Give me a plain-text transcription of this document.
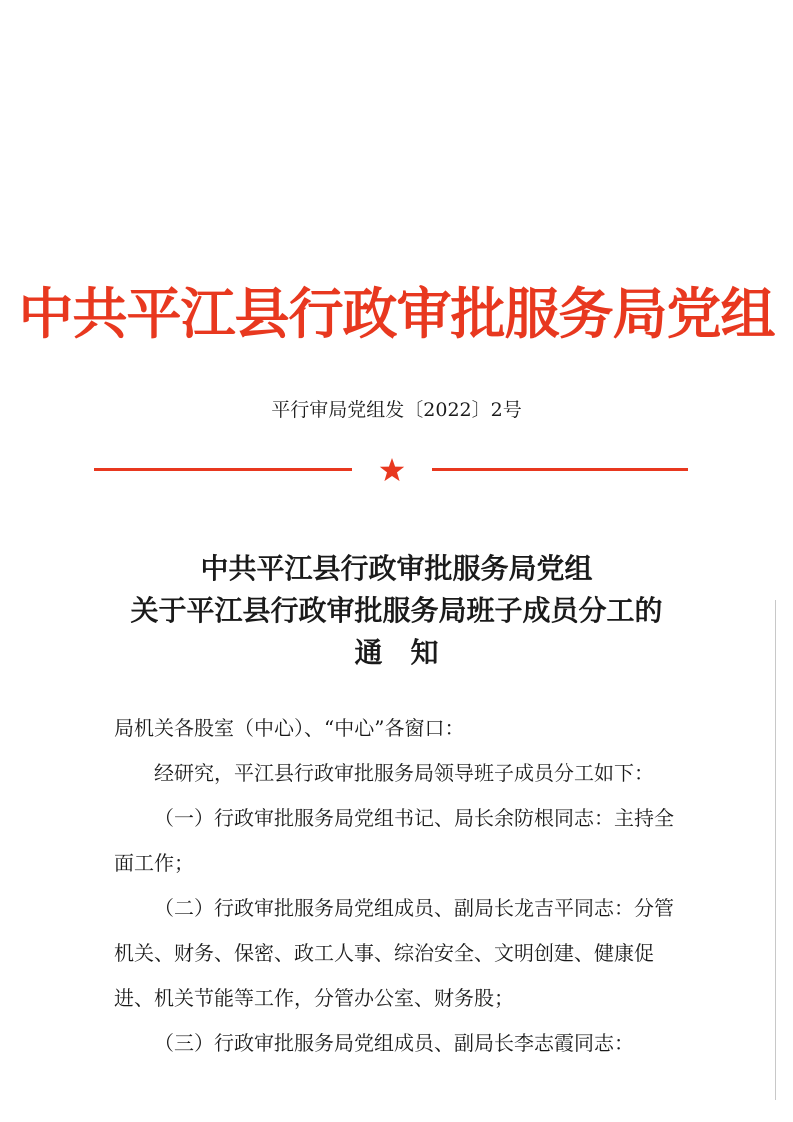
中共平江县行政审批服务局党组
平行审局党组发〔2022〕2号
中共平江县行政审批服务局党组
关于平江县行政审批服务局班子成员分工的
通　知

局机关各股室（中心）、“中心”各窗口：

经研究，平江县行政审批服务局领导班子成员分工如下：

（一）行政审批服务局党组书记、局长余防根同志：主持全面工作；

（二）行政审批服务局党组成员、副局长龙吉平同志：分管机关、财务、保密、政工人事、综治安全、文明创建、健康促进、机关节能等工作，分管办公室、财务股；

（三）行政审批服务局党组成员、副局长李志霞同志：
